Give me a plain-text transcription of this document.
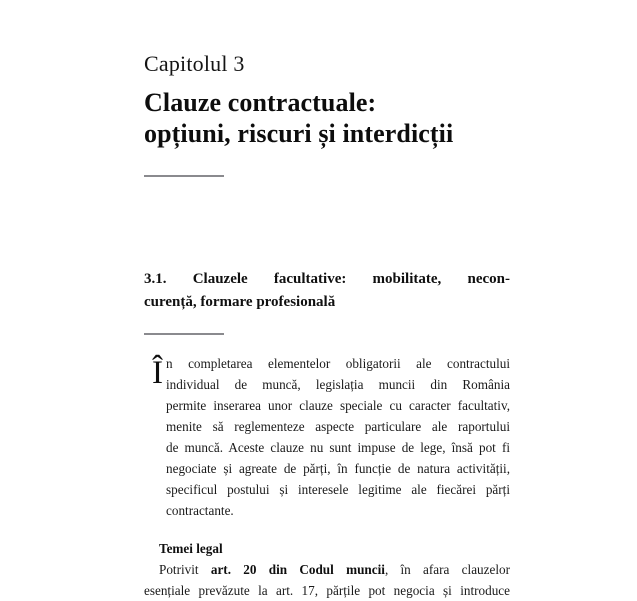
Capitolul 3

Clauze contractuale:
opțiuni, riscuri și interdicții
3.1. Clauzele facultative: mobilitate, necon-
curență, formare profesională
Î n completarea elementelor obligatorii ale contractului
individual de muncă, legislația muncii din România
permite inserarea unor clauze speciale cu caracter facultativ,
menite să reglementeze aspecte particulare ale raportului
de muncă. Aceste clauze nu sunt impuse de lege, însă pot fi
negociate și agreate de părți, în funcție de natura activității,
specificul postului și interesele legitime ale fiecărei părți
contractante.

Temei legal

Potrivit art. 20 din Codul muncii, în afara clauzelor
esențiale prevăzute la art. 17, părțile pot negocia și introduce
